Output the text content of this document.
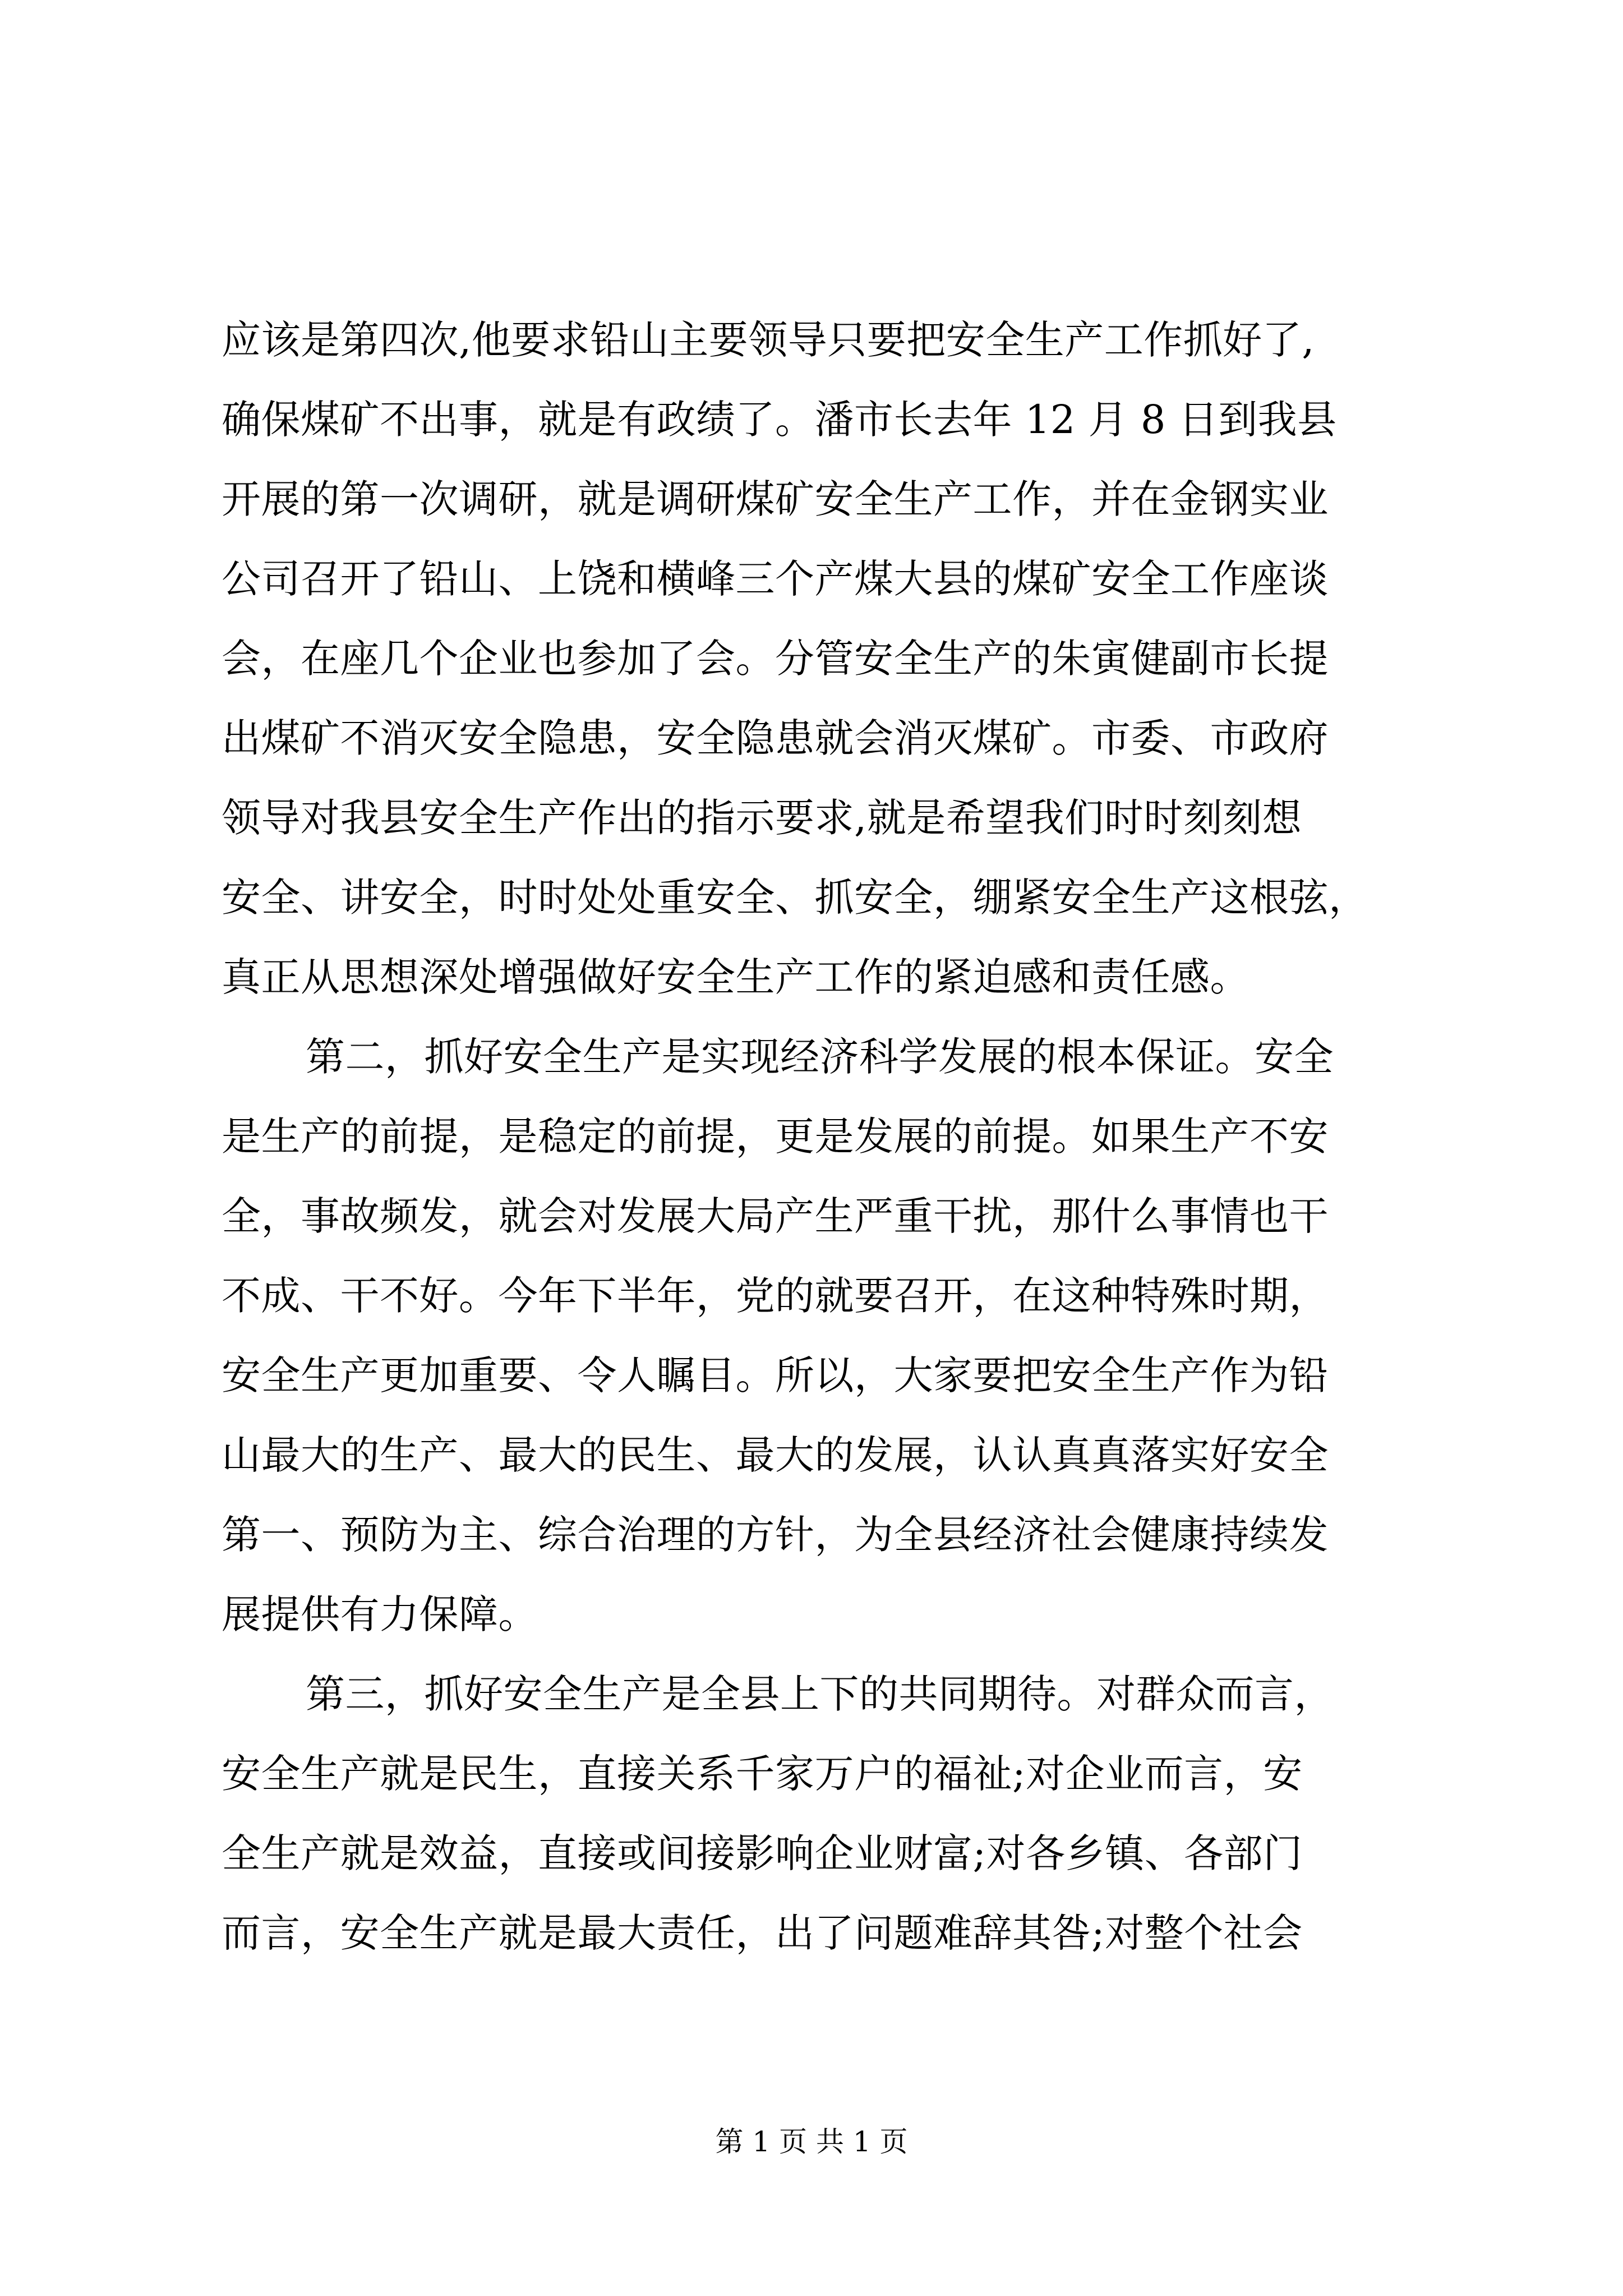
应该是第四次,他要求铅山主要领导只要把安全生产工作抓好了,
确保煤矿不出事，就是有政绩了。潘市长去年 12 月 8 日到我县
开展的第一次调研，就是调研煤矿安全生产工作，并在金钢实业
公司召开了铅山、上饶和横峰三个产煤大县的煤矿安全工作座谈
会，在座几个企业也参加了会。分管安全生产的朱寅健副市长提
出煤矿不消灭安全隐患，安全隐患就会消灭煤矿。市委、市政府
领导对我县安全生产作出的指示要求,就是希望我们时时刻刻想
安全、讲安全，时时处处重安全、抓安全，绷紧安全生产这根弦，
真正从思想深处增强做好安全生产工作的紧迫感和责任感。
第二，抓好安全生产是实现经济科学发展的根本保证。安全
是生产的前提，是稳定的前提，更是发展的前提。如果生产不安
全，事故频发，就会对发展大局产生严重干扰，那什么事情也干
不成、干不好。今年下半年，党的就要召开，在这种特殊时期，
安全生产更加重要、令人瞩目。所以，大家要把安全生产作为铅
山最大的生产、最大的民生、最大的发展，认认真真落实好安全
第一、预防为主、综合治理的方针，为全县经济社会健康持续发
展提供有力保障。
第三，抓好安全生产是全县上下的共同期待。对群众而言，
安全生产就是民生，直接关系千家万户的福祉;对企业而言，安
全生产就是效益，直接或间接影响企业财富;对各乡镇、各部门
而言，安全生产就是最大责任，出了问题难辞其咎;对整个社会
第 1 页 共 1 页
